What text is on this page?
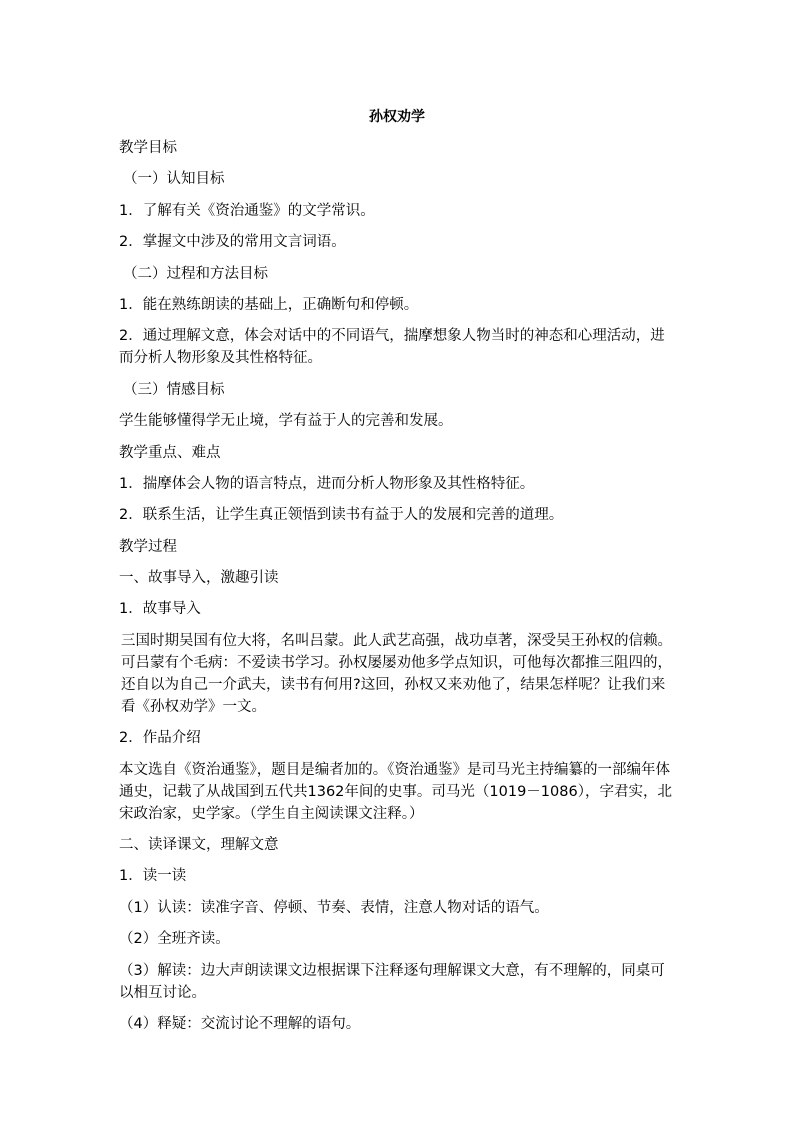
孙权劝学

教学目标

（一）认知目标

1．了解有关《资治通鉴》的文学常识。

2．掌握文中涉及的常用文言词语。

（二）过程和方法目标

1．能在熟练朗读的基础上，正确断句和停顿。

2．通过理解文意，体会对话中的不同语气，揣摩想象人物当时的神态和心理活动，进而分析人物形象及其性格特征。

（三）情感目标

学生能够懂得学无止境，学有益于人的完善和发展。

教学重点、难点

1．揣摩体会人物的语言特点，进而分析人物形象及其性格特征。

2．联系生活，让学生真正领悟到读书有益于人的发展和完善的道理。

教学过程

一、故事导入，激趣引读

1．故事导入

三国时期吴国有位大将，名叫吕蒙。此人武艺高强，战功卓著，深受吴王孙权的信赖。可吕蒙有个毛病：不爱读书学习。孙权屡屡劝他多学点知识，可他每次都推三阻四的，还自以为自己一介武夫，读书有何用?这回，孙权又来劝他了，结果怎样呢？让我们来看《孙权劝学》一文。

2．作品介绍

本文选自《资治通鉴》，题目是编者加的。《资治通鉴》是司马光主持编纂的一部编年体通史，记载了从战国到五代共1362年间的史事。司马光（1019－1086），字君实，北宋政治家，史学家。（学生自主阅读课文注释。）

二、读译课文，理解文意

1．读一读

（1）认读：读准字音、停顿、节奏、表情，注意人物对话的语气。

（2）全班齐读。

（3）解读：边大声朗读课文边根据课下注释逐句理解课文大意，有不理解的，同桌可以相互讨论。

（4）释疑：交流讨论不理解的语句。
